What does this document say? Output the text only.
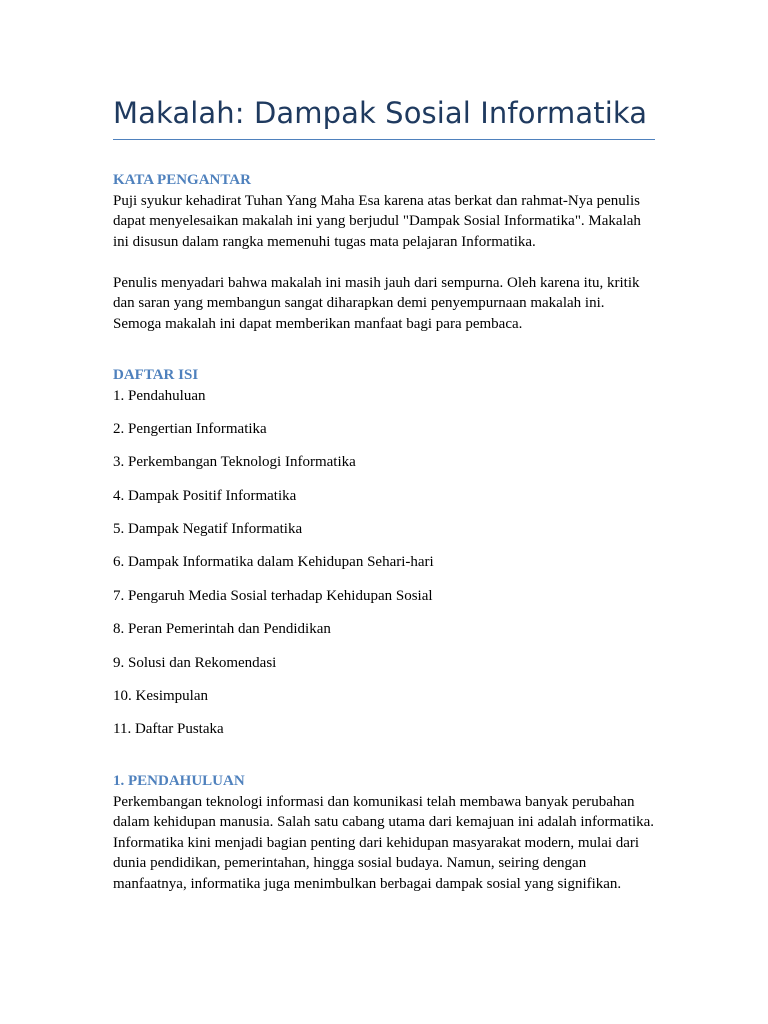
Makalah: Dampak Sosial Informatika

KATA PENGANTAR

Puji syukur kehadirat Tuhan Yang Maha Esa karena atas berkat dan rahmat-Nya penulis dapat menyelesaikan makalah ini yang berjudul "Dampak Sosial Informatika". Makalah ini disusun dalam rangka memenuhi tugas mata pelajaran Informatika.

Penulis menyadari bahwa makalah ini masih jauh dari sempurna. Oleh karena itu, kritik dan saran yang membangun sangat diharapkan demi penyempurnaan makalah ini. Semoga makalah ini dapat memberikan manfaat bagi para pembaca.

DAFTAR ISI

1. Pendahuluan
2. Pengertian Informatika
3. Perkembangan Teknologi Informatika
4. Dampak Positif Informatika
5. Dampak Negatif Informatika
6. Dampak Informatika dalam Kehidupan Sehari-hari
7. Pengaruh Media Sosial terhadap Kehidupan Sosial
8. Peran Pemerintah dan Pendidikan
9. Solusi dan Rekomendasi
10. Kesimpulan
11. Daftar Pustaka

1. PENDAHULUAN

Perkembangan teknologi informasi dan komunikasi telah membawa banyak perubahan dalam kehidupan manusia. Salah satu cabang utama dari kemajuan ini adalah informatika. Informatika kini menjadi bagian penting dari kehidupan masyarakat modern, mulai dari dunia pendidikan, pemerintahan, hingga sosial budaya. Namun, seiring dengan manfaatnya, informatika juga menimbulkan berbagai dampak sosial yang signifikan.
